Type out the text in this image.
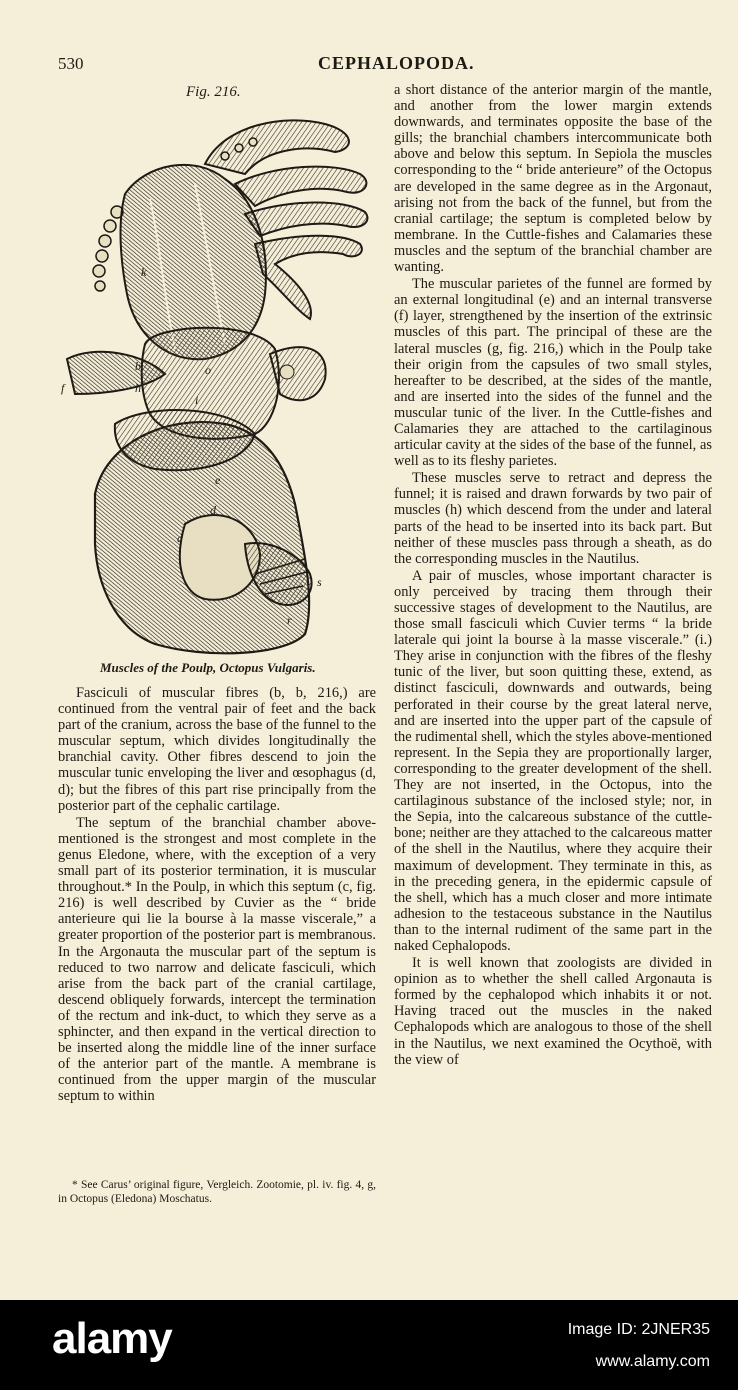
530	CEPHALOPODA.
Fig. 216.
k
b
h
f
e
i
o
d
d
s
r
Muscles of the Poulp, Octopus Vulgaris.

Fasciculi of muscular fibres (b, b, 216,) are continued from the ventral pair of feet and the back part of the cranium, across the base of the funnel to the muscular septum, which divides longitudinally the branchial cavity. Other fibres descend to join the muscular tunic enveloping the liver and œsophagus (d, d); but the fibres of this part rise principally from the posterior part of the cephalic cartilage.

The septum of the branchial chamber above-mentioned is the strongest and most complete in the genus Eledone, where, with the exception of a very small part of its posterior termination, it is muscular throughout.* In the Poulp, in which this septum (c, fig. 216) is well described by Cuvier as the “ bride anterieure qui lie la bourse à la masse viscerale,” a greater proportion of the posterior part is membranous. In the Argonauta the muscular part of the septum is reduced to two narrow and delicate fasciculi, which arise from the back part of the cranial cartilage, descend obliquely forwards, intercept the termination of the rectum and ink-duct, to which they serve as a sphincter, and then expand in the vertical direction to be inserted along the middle line of the inner surface of the anterior part of the mantle. A membrane is continued from the upper margin of the muscular septum to within

* See Carus’ original figure, Vergleich. Zootomie, pl. iv. fig. 4, g, in Octopus (Eledona) Moschatus.

a short distance of the anterior margin of the mantle, and another from the lower margin extends downwards, and terminates opposite the base of the gills; the branchial chambers intercommunicate both above and below this septum. In Sepiola the muscles corresponding to the “ bride anterieure” of the Octopus are developed in the same degree as in the Argonaut, arising not from the back of the funnel, but from the cranial cartilage; the septum is completed below by membrane. In the Cuttle-fishes and Calamaries these muscles and the septum of the branchial chamber are wanting.

The muscular parietes of the funnel are formed by an external longitudinal (e) and an internal transverse (f) layer, strengthened by the insertion of the extrinsic muscles of this part. The principal of these are the lateral muscles (g, fig. 216,) which in the Poulp take their origin from the capsules of two small styles, hereafter to be described, at the sides of the mantle, and are inserted into the sides of the funnel and the muscular tunic of the liver. In the Cuttle-fishes and Calamaries they are attached to the cartilaginous articular cavity at the sides of the base of the funnel, as well as to its fleshy parietes.

These muscles serve to retract and depress the funnel; it is raised and drawn forwards by two pair of muscles (h) which descend from the under and lateral parts of the head to be inserted into its back part. But neither of these muscles pass through a sheath, as do the corresponding muscles in the Nautilus.

A pair of muscles, whose important character is only perceived by tracing them through their successive stages of development to the Nautilus, are those small fasciculi which Cuvier terms “ la bride laterale qui joint la bourse à la masse viscerale.” (i.) They arise in conjunction with the fibres of the fleshy tunic of the liver, but soon quitting these, extend, as distinct fasciculi, downwards and outwards, being perforated in their course by the great lateral nerve, and are inserted into the upper part of the capsule of the rudimental shell, which the styles above-mentioned represent. In the Sepia they are proportionally larger, corresponding to the greater development of the shell. They are not inserted, in the Octopus, into the cartilaginous substance of the inclosed style; nor, in the Sepia, into the calcareous substance of the cuttle-bone; neither are they attached to the calcareous matter of the shell in the Nautilus, where they acquire their maximum of development. They terminate in this, as in the preceding genera, in the epidermic capsule of the shell, which has a much closer and more intimate adhesion to the testaceous substance in the Nautilus than to the internal rudiment of the same part in the naked Cephalopods.

It is well known that zoologists are divided in opinion as to whether the shell called Argonauta is formed by the cephalopod which inhabits it or not. Having traced out the muscles in the naked Cephalopods which are analogous to those of the shell in the Nautilus, we next examined the Ocythoë, with the view of

alamy	Image ID: 2JNER35
www.alamy.com
